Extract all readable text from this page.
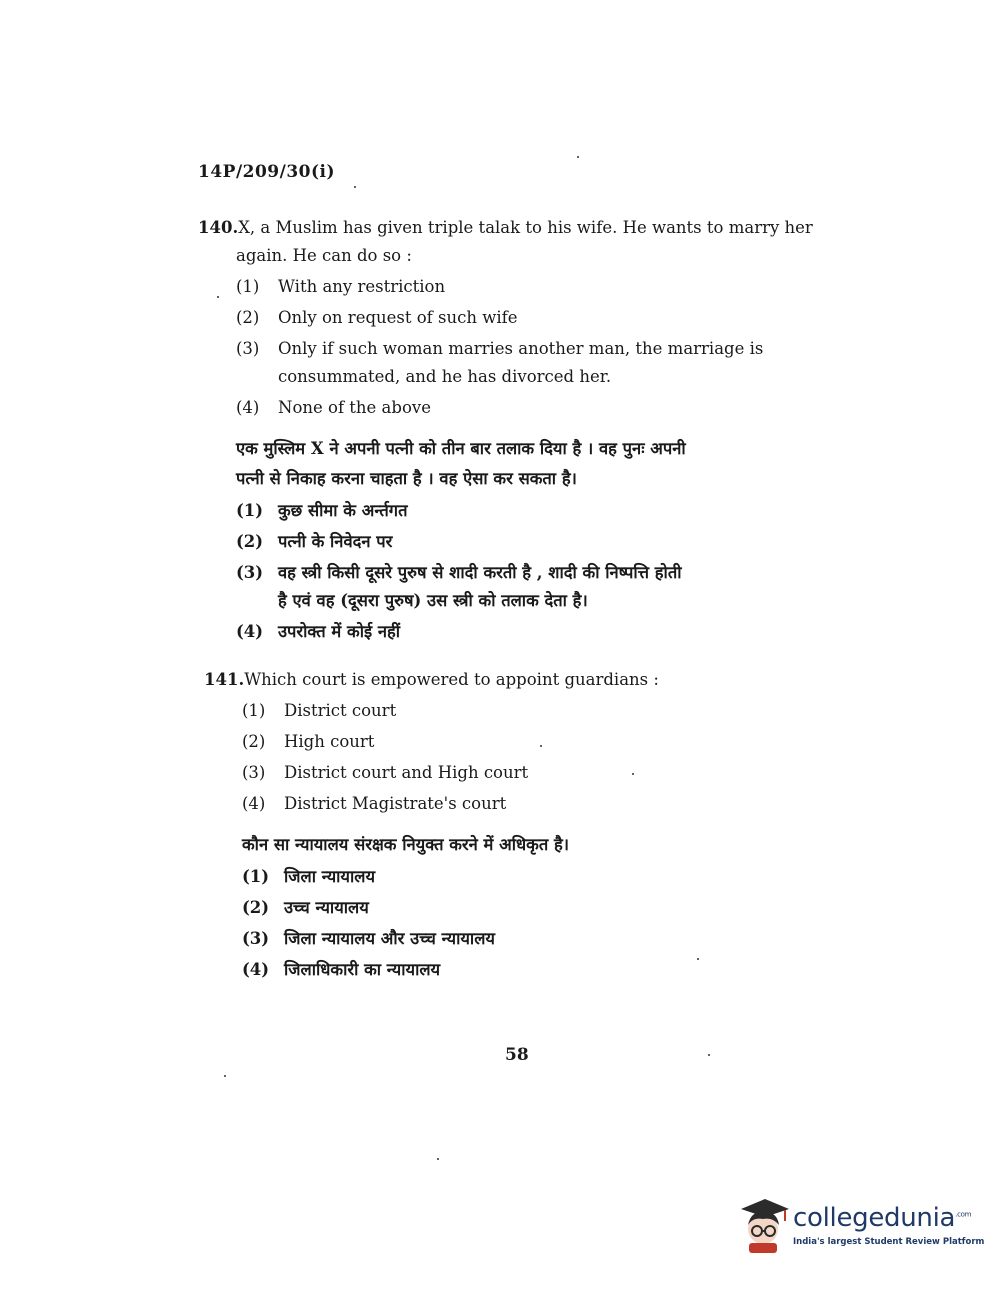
14P/209/30(i)
140.X, a Muslim has given triple talak to his wife. He wants to marry her
again. He can do so :
(1) With any restriction
(2) Only on request of such wife
(3) Only if such woman marries another man, the marriage is
consummated, and he has divorced her.
(4) None of the above
एक मुस्लिम X ने अपनी पत्नी को तीन बार तलाक दिया है । वह पुनः अपनी
पत्नी से निकाह करना चाहता है । वह ऐसा कर सकता है।
(1) कुछ सीमा के अर्न्तगत
(2) पत्नी के निवेदन पर
(3) वह स्त्री किसी दूसरे पुरुष से शादी करती है , शादी की निष्पत्ति होती
है एवं वह (दूसरा पुरुष) उस स्त्री को तलाक देता है।
(4) उपरोक्त में कोई नहीं
141.Which court is empowered to appoint guardians :
(1) District court
(2) High court
(3) District court and High court
(4) District Magistrate's court
कौन सा न्यायालय संरक्षक नियुक्त करने में अधिकृत है।
(1) जिला न्यायालय
(2) उच्च न्यायालय
(3) जिला न्यायालय और उच्च न्यायालय
(4) जिलाधिकारी का न्यायालय
58
collegedunia$^{.com}$
India's largest Student Review Platform
